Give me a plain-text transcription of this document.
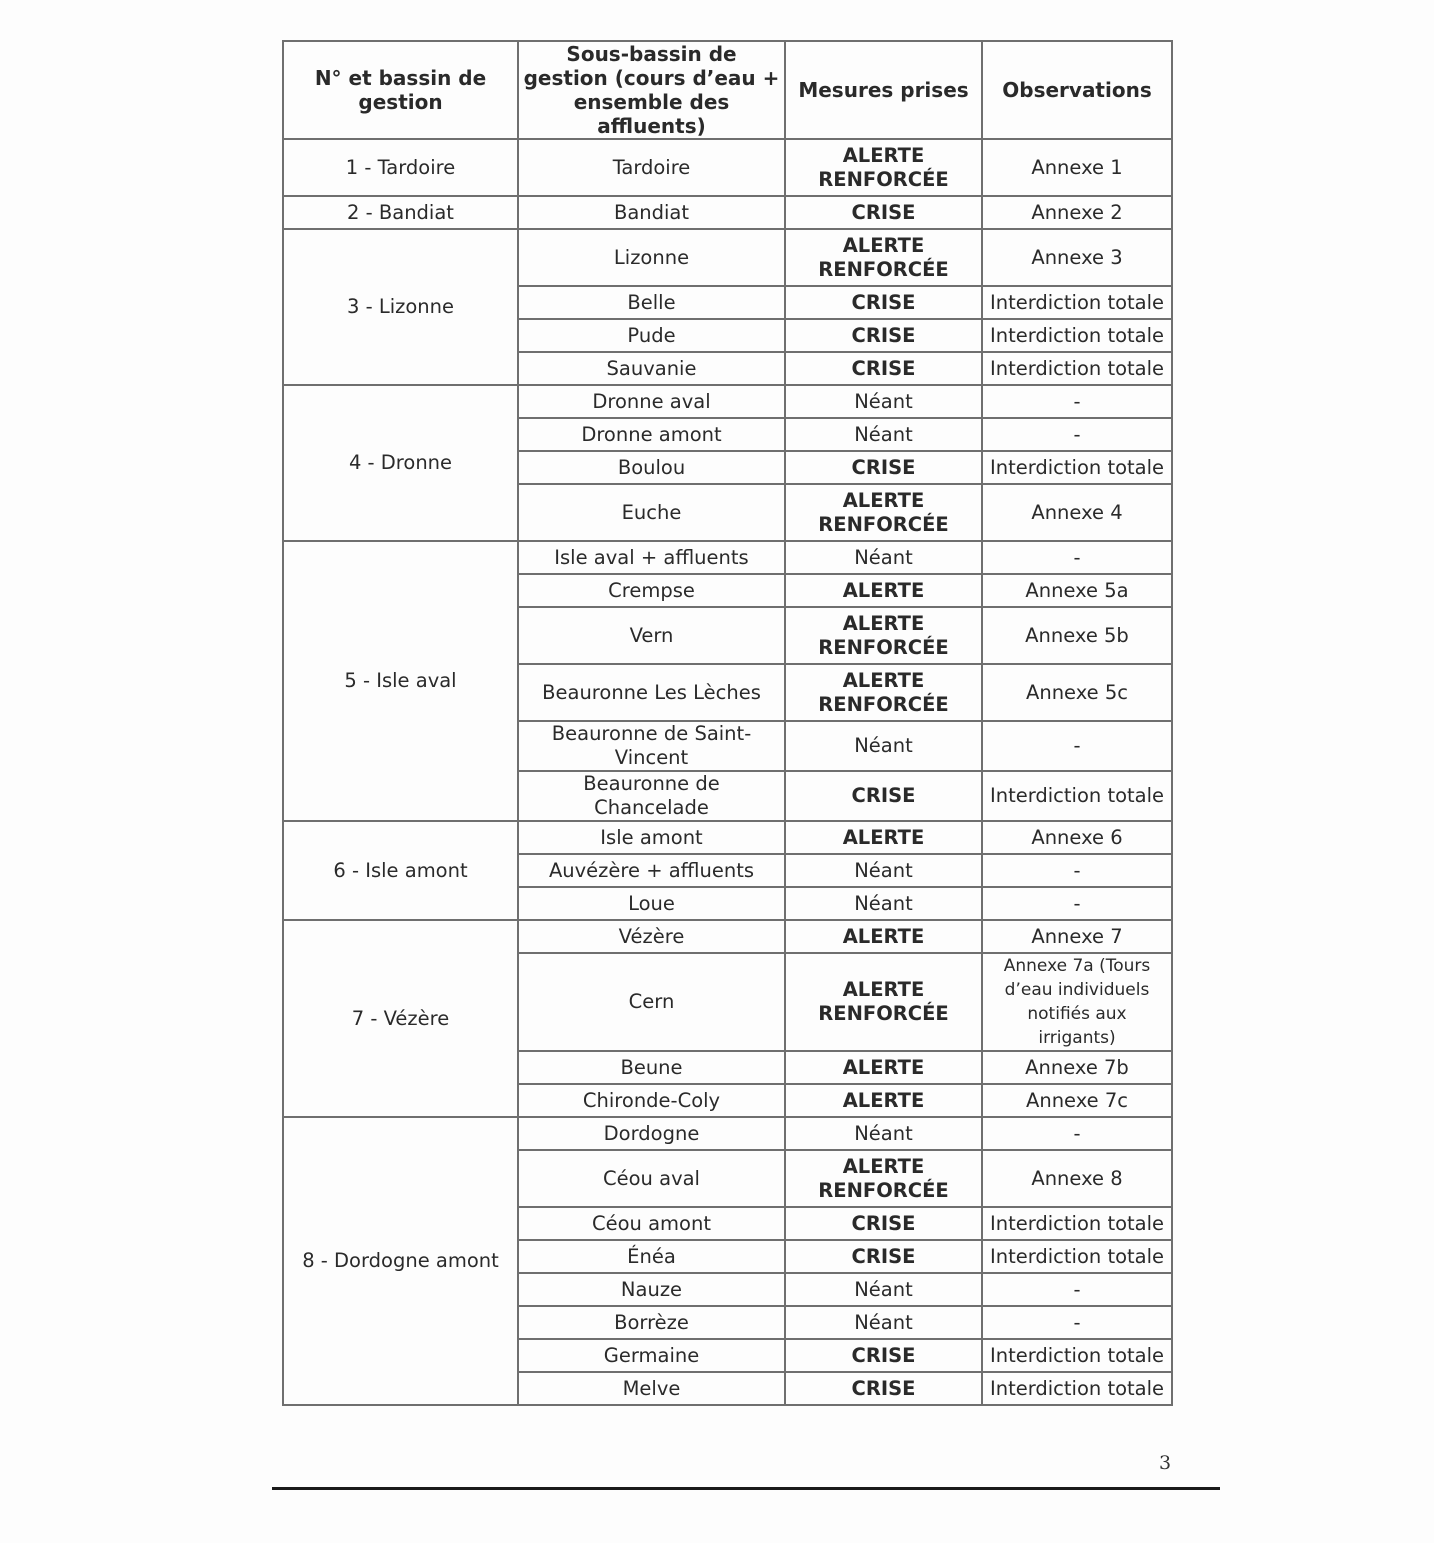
N° et bassin de gestion	Sous-bassin de gestion (cours d’eau + ensemble des affluents)	Mesures prises	Observations
1 - Tardoire	Tardoire	ALERTE RENFORCÉE	Annexe 1
2 - Bandiat	Bandiat	CRISE	Annexe 2
3 - Lizonne	Lizonne	ALERTE RENFORCÉE	Annexe 3
	Belle	CRISE	Interdiction totale
	Pude	CRISE	Interdiction totale
	Sauvanie	CRISE	Interdiction totale
4 - Dronne	Dronne aval	Néant	-
	Dronne amont	Néant	-
	Boulou	CRISE	Interdiction totale
	Euche	ALERTE RENFORCÉE	Annexe 4
5 - Isle aval	Isle aval + affluents	Néant	-
	Crempse	ALERTE	Annexe 5a
	Vern	ALERTE RENFORCÉE	Annexe 5b
	Beauronne Les Lèches	ALERTE RENFORCÉE	Annexe 5c
	Beauronne de Saint-Vincent	Néant	-
	Beauronne de Chancelade	CRISE	Interdiction totale
6 - Isle amont	Isle amont	ALERTE	Annexe 6
	Auvézère + affluents	Néant	-
	Loue	Néant	-
7 - Vézère	Vézère	ALERTE	Annexe 7
	Cern	ALERTE RENFORCÉE	Annexe 7a (Tours d’eau individuels notifiés aux irrigants)
	Beune	ALERTE	Annexe 7b
	Chironde-Coly	ALERTE	Annexe 7c
8 - Dordogne amont	Dordogne	Néant	-
	Céou aval	ALERTE RENFORCÉE	Annexe 8
	Céou amont	CRISE	Interdiction totale
	Énéa	CRISE	Interdiction totale
	Nauze	Néant	-
	Borrèze	Néant	-
	Germaine	CRISE	Interdiction totale
	Melve	CRISE	Interdiction totale
3
